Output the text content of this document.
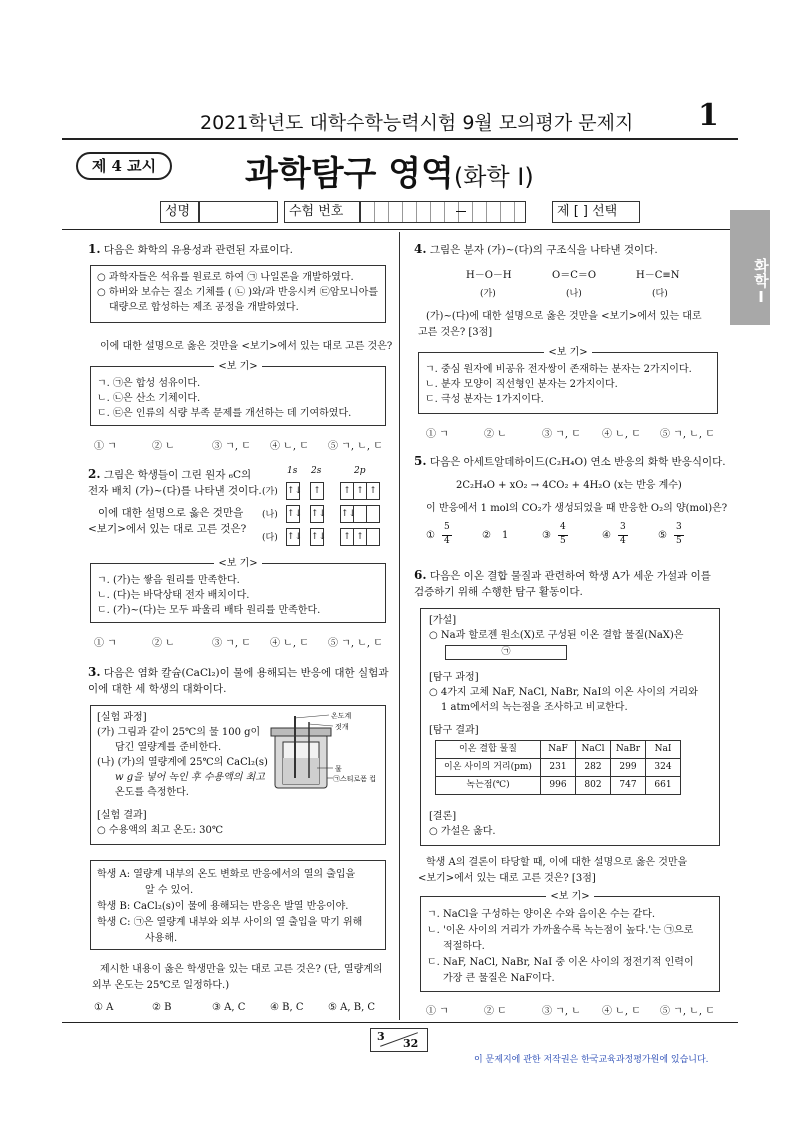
2021학년도 대학수학능력시험 9월 모의평가 문제지 1
제 4 교시	과학탐구 영역(화학 I)
성명	수험 번호	제 [ ] 선택
화학Ⅰ
1. 다음은 화학의 유용성과 관련된 자료이다.
○ 과학자들은 석유를 원료로 하여 ㉠ 나일론을 개발하였다.
○ 하버와 보슈는 질소 기체를 ( ㉡ )와/과 반응시켜 ㉢암모니아를
대량으로 합성하는 제조 공정을 개발하였다.
이에 대한 설명으로 옳은 것만을 <보기>에서 있는 대로 고른 것은?
<보 기>
ㄱ. ㉠은 합성 섬유이다.
ㄴ. ㉡은 산소 기체이다.
ㄷ. ㉢은 인류의 식량 부족 문제를 개선하는 데 기여하였다.
① ㄱ	② ㄴ	③ ㄱ, ㄷ ④ ㄴ, ㄷ ⑤ ㄱ, ㄴ, ㄷ
2. 그림은 학생들이 그린 원자 ₆C의
전자 배치 (가)~(다)를 나타낸 것이다.
이에 대한 설명으로 옳은 것만을
<보기>에서 있는 대로 고른 것은?
1s 2s	2p
(가) ↑↓	↑	↑ ↑ ↑
(나) ↑↓ ↑↓ ↑↓
(다) ↑↓ ↑↓	↑ ↑
<보 기>
ㄱ. (가)는 쌓음 원리를 만족한다.
ㄴ. (다)는 바닥상태 전자 배치이다.
ㄷ. (가)~(다)는 모두 파울리 배타 원리를 만족한다.
① ㄱ	② ㄴ	③ ㄱ, ㄷ ④ ㄴ, ㄷ ⑤ ㄱ, ㄴ, ㄷ
3. 다음은 염화 칼슘(CaCl₂)이 물에 용해되는 반응에 대한 실험과
이에 대한 세 학생의 대화이다.
[실험 과정]
(가) 그림과 같이 25℃의 물 100 g이
담긴 열량계를 준비한다.
(나) (가)의 열량계에 25℃의 CaCl₂(s)
w g을 넣어 녹인 후 수용액의 최고
온도를 측정한다.
[실험 결과]
○ 수용액의 최고 온도: 30℃
온도계
젓개
물
㉠스티로폼 컵
학생 A: 열량계 내부의 온도 변화로 반응에서의 열의 출입을
알 수 있어.
학생 B: CaCl₂(s)이 물에 용해되는 반응은 발열 반응이야.
학생 C: ㉠은 열량계 내부와 외부 사이의 열 출입을 막기 위해
사용해.
제시한 내용이 옳은 학생만을 있는 대로 고른 것은? (단, 열량계의
외부 온도는 25℃로 일정하다.)
① A	② B	③ A, C ④ B, C ⑤ A, B, C
4. 그림은 분자 (가)~(다)의 구조식을 나타낸 것이다.
H－O－H	O＝C＝O	H－C≡N
(가)	(나)	(다)
(가)~(다)에 대한 설명으로 옳은 것만을 <보기>에서 있는 대로
고른 것은? [3점]
<보 기>
ㄱ. 중심 원자에 비공유 전자쌍이 존재하는 분자는 2가지이다.
ㄴ. 분자 모양이 직선형인 분자는 2가지이다.
ㄷ. 극성 분자는 1가지이다.
① ㄱ	② ㄴ	③ ㄱ, ㄷ ④ ㄴ, ㄷ ⑤ ㄱ, ㄴ, ㄷ
5. 다음은 아세트알데하이드(C₂H₄O) 연소 반응의 화학 반응식이다.
2C₂H₄O + xO₂ → 4CO₂ + 4H₂O (x는 반응 계수)
이 반응에서 1 mol의 CO₂가 생성되었을 때 반응한 O₂의 양(mol)은?
①
5
4	② 1	③
4
5	④
3
4	⑤
3
5
6. 다음은 이온 결합 물질과 관련하여 학생 A가 세운 가설과 이를
검증하기 위해 수행한 탐구 활동이다.
[가설]
○ Na과 할로젠 원소(X)로 구성된 이온 결합 물질(NaX)은
㉠
[탐구 과정]
○ 4가지 고체 NaF, NaCl, NaBr, NaI의 이온 사이의 거리와
1 atm에서의 녹는점을 조사하고 비교한다.
[탐구 결과]
이온 결합 물질	NaF	NaCl	NaBr	NaI
이온 사이의 거리(pm)	231	282	299	324
녹는점(℃)	996	802	747	661
[결론]
○ 가설은 옳다.
학생 A의 결론이 타당할 때, 이에 대한 설명으로 옳은 것만을
<보기>에서 있는 대로 고른 것은? [3점]
<보 기>
ㄱ. NaCl을 구성하는 양이온 수와 음이온 수는 같다.
ㄴ. '이온 사이의 거리가 가까울수록 녹는점이 높다.'는 ㉠으로
적절하다.
ㄷ. NaF, NaCl, NaBr, NaI 중 이온 사이의 정전기적 인력이
가장 큰 물질은 NaF이다.
① ㄱ	② ㄷ	③ ㄱ, ㄴ ④ ㄴ, ㄷ ⑤ ㄱ, ㄴ, ㄷ
3
32
이 문제지에 관한 저작권은 한국교육과정평가원에 있습니다.
